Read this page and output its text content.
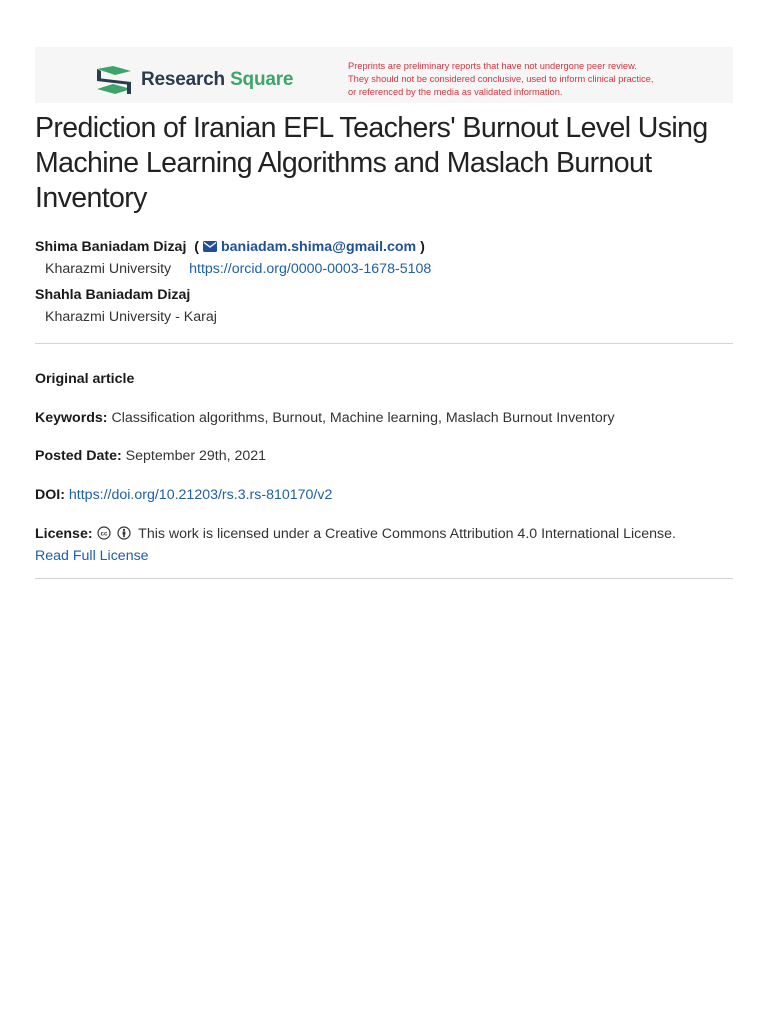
Research Square
Preprints are preliminary reports that have not undergone peer review.
They should not be considered conclusive, used to inform clinical practice,
or referenced by the media as validated information.
Prediction of Iranian EFL Teachers' Burnout Level Using Machine Learning Algorithms and Maslach Burnout Inventory
Shima Baniadam Dizaj  ( baniadam.shima@gmail.com )
Kharazmi University https://orcid.org/0000-0003-1678-5108
Shahla Baniadam Dizaj
Kharazmi University - Karaj
Original article
Keywords: Classification algorithms, Burnout, Machine learning, Maslach Burnout Inventory
Posted Date: September 29th, 2021
DOI: https://doi.org/10.21203/rs.3.rs-810170/v2
License: cc This work is licensed under a Creative Commons Attribution 4.0 International License.
Read Full License
